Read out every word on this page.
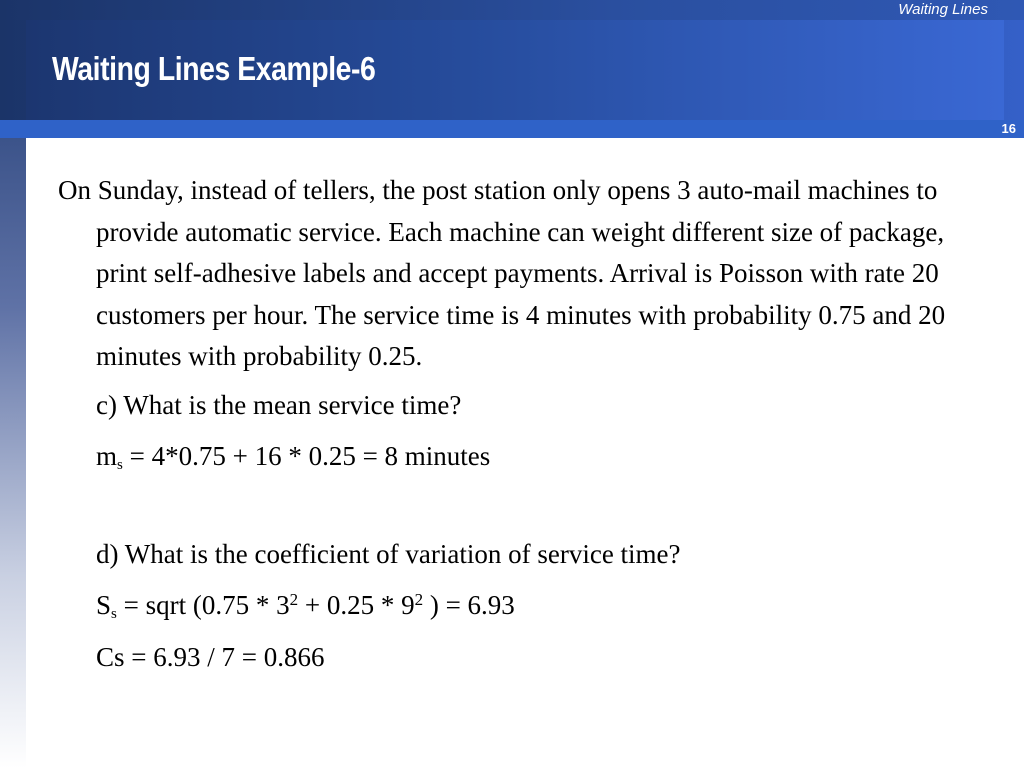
Waiting Lines
Waiting Lines Example-6
16

On Sunday, instead of tellers, the post station only opens 3 auto-mail machines to provide automatic service. Each machine can weight different size of package, print self-adhesive labels and accept payments. Arrival is Poisson with rate 20 customers per hour. The service time is 4 minutes with probability 0.75 and 20 minutes with probability 0.25.

c) What is the mean service time?

$m_s = 4*0.75 + 16 * 0.25 = 8$ minutes

d) What is the coefficient of variation of service time?

$S_s$ = sqrt ($0.75 * 3^2 + 0.25 * 9^2$ ) = 6.93

Cs = 6.93 / 7 = 0.866
